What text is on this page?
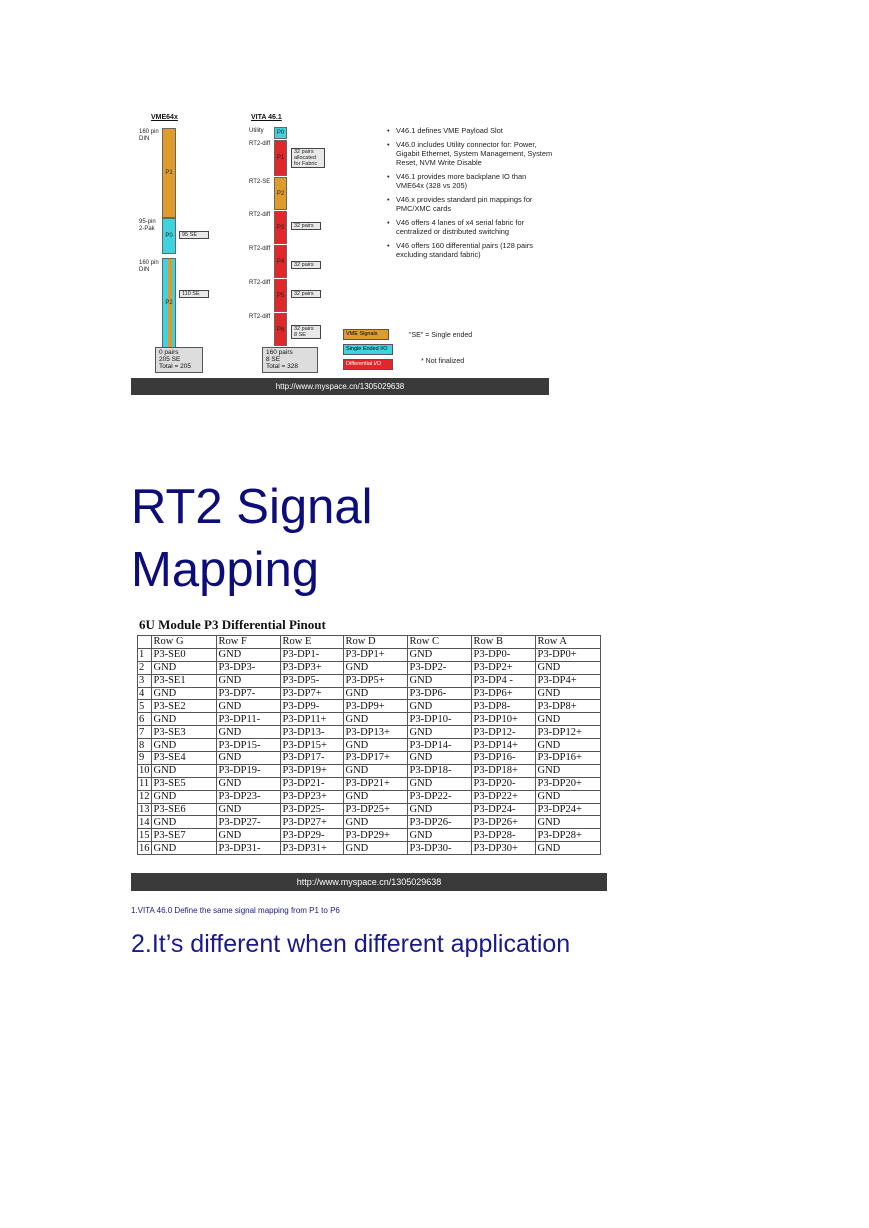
VME64x	VITA 46.1
160 pin DIN
P1
95-pin 2-Pak
P0	95 SE
160 pin DIN
P2
110 SE
0 pairs
205 SE
Total = 205
Utility	P0
RT2-diff
P1
32 pairs allocated for Fabric
RT2-SE
P2
RT2-diff
P3	32 pairs
RT2-diff
P4
32 pairs
RT2-diff
P5	32 pairs
RT2-diff
P6	32 pairs 8 SE
160 pairs
8 SE
Total = 328
• V46.1 defines VME Payload Slot
• V46.0 includes Utility connector for: Power, Gigabit Ethernet, System Management, System Reset, NVM Write Disable
• V46.1 provides more backplane IO than VME64x (328 vs 205)
• V46.x provides standard pin mappings for PMC/XMC cards
• V46 offers 4 lanes of x4 serial fabric for centralized or distributed switching
• V46 offers 160 differential pairs (128 pairs excluding standard fabric)
VME Signals
Single Ended I/O
Differential I/O
"SE" = Single ended
* Not finalized
http://www.myspace.cn/1305029638
RT2 Signal Mapping
6U Module P3 Differential Pinout
	Row G	Row F	Row E	Row D	Row C	Row B	Row A
1	P3-SE0	GND	P3-DP1-	P3-DP1+	GND	P3-DP0-	P3-DP0+
2	GND	P3-DP3-	P3-DP3+	GND	P3-DP2-	P3-DP2+	GND
3	P3-SE1	GND	P3-DP5-	P3-DP5+	GND	P3-DP4 -	P3-DP4+
4	GND	P3-DP7-	P3-DP7+	GND	P3-DP6-	P3-DP6+	GND
5	P3-SE2	GND	P3-DP9-	P3-DP9+	GND	P3-DP8-	P3-DP8+
6	GND	P3-DP11-	P3-DP11+	GND	P3-DP10-	P3-DP10+	GND
7	P3-SE3	GND	P3-DP13-	P3-DP13+	GND	P3-DP12-	P3-DP12+
8	GND	P3-DP15-	P3-DP15+	GND	P3-DP14-	P3-DP14+	GND
9	P3-SE4	GND	P3-DP17-	P3-DP17+	GND	P3-DP16-	P3-DP16+
10	GND	P3-DP19-	P3-DP19+	GND	P3-DP18-	P3-DP18+	GND
11	P3-SE5	GND	P3-DP21-	P3-DP21+	GND	P3-DP20-	P3-DP20+
12	GND	P3-DP23-	P3-DP23+	GND	P3-DP22-	P3-DP22+	GND
13	P3-SE6	GND	P3-DP25-	P3-DP25+	GND	P3-DP24-	P3-DP24+
14	GND	P3-DP27-	P3-DP27+	GND	P3-DP26-	P3-DP26+	GND
15	P3-SE7	GND	P3-DP29-	P3-DP29+	GND	P3-DP28-	P3-DP28+
16	GND	P3-DP31-	P3-DP31+	GND	P3-DP30-	P3-DP30+	GND
http://www.myspace.cn/1305029638
1.VITA 46.0 Define the same signal mapping from P1 to P6
2.It’s different when different application
